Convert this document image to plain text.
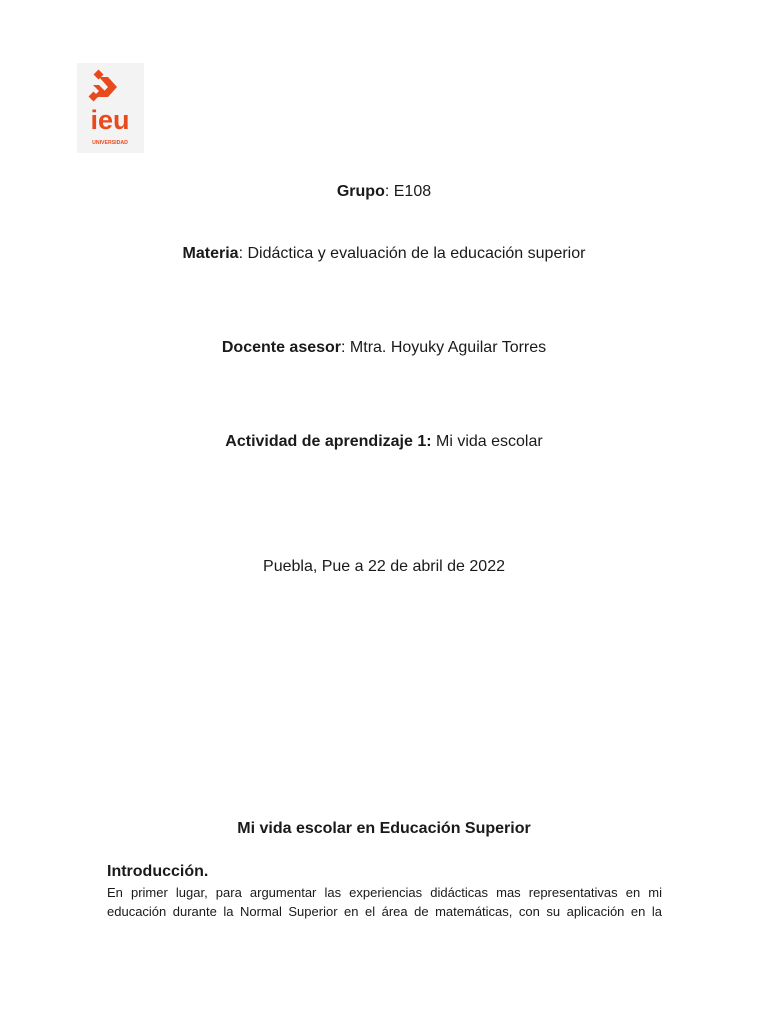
ieu
UNIVERSIDAD
Grupo: E108
Materia: Didáctica y evaluación de la educación superior
Docente asesor: Mtra. Hoyuky Aguilar Torres
Actividad de aprendizaje 1: Mi vida escolar
Puebla, Pue a 22 de abril de 2022
Mi vida escolar en Educación Superior
Introducción.
En primer lugar, para argumentar las experiencias didácticas mas representativas en mi
educación durante la Normal Superior en el área de matemáticas, con su aplicación en la
